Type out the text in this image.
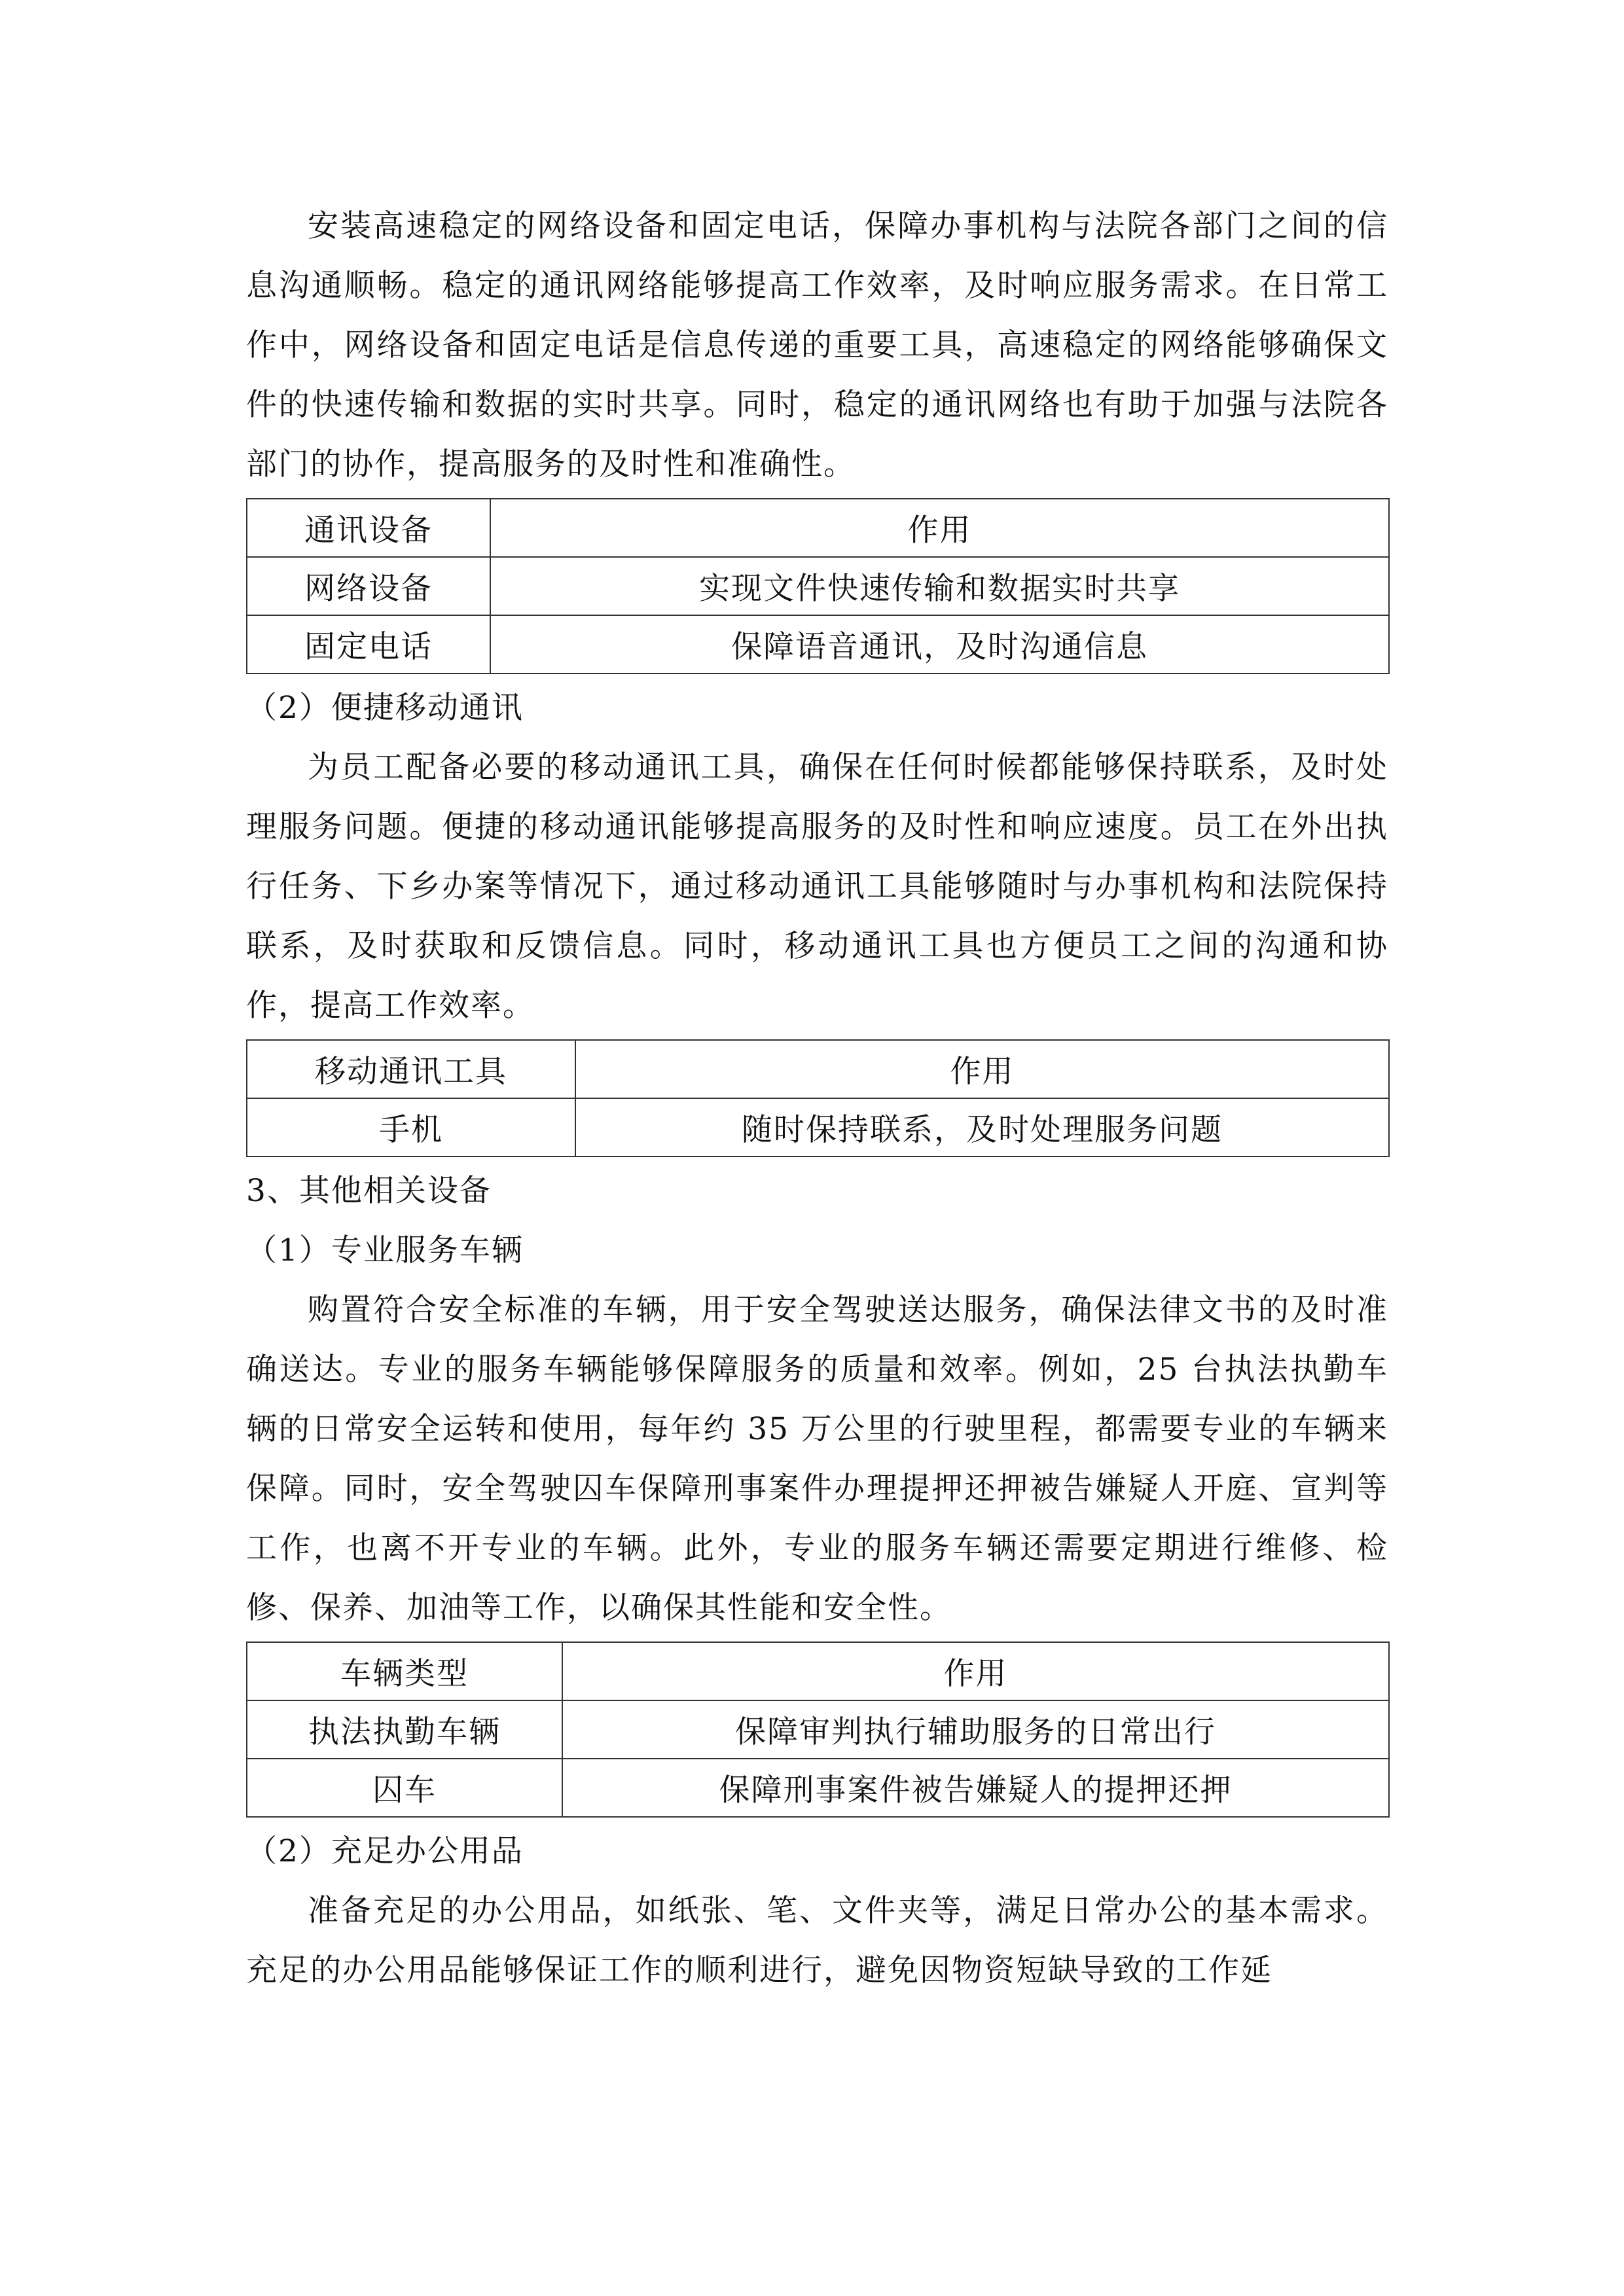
安装高速稳定的网络设备和固定电话，保障办事机构与法院各部门之间的信息沟通顺畅。稳定的通讯网络能够提高工作效率，及时响应服务需求。在日常工作中，网络设备和固定电话是信息传递的重要工具，高速稳定的网络能够确保文件的快速传输和数据的实时共享。同时，稳定的通讯网络也有助于加强与法院各部门的协作，提高服务的及时性和准确性。

通讯设备	作用
网络设备	实现文件快速传输和数据实时共享
固定电话	保障语音通讯，及时沟通信息

（2）便捷移动通讯

为员工配备必要的移动通讯工具，确保在任何时候都能够保持联系，及时处理服务问题。便捷的移动通讯能够提高服务的及时性和响应速度。员工在外出执行任务、下乡办案等情况下，通过移动通讯工具能够随时与办事机构和法院保持联系，及时获取和反馈信息。同时，移动通讯工具也方便员工之间的沟通和协作，提高工作效率。

移动通讯工具	作用
手机	随时保持联系，及时处理服务问题

3、其他相关设备

（1）专业服务车辆

购置符合安全标准的车辆，用于安全驾驶送达服务，确保法律文书的及时准确送达。专业的服务车辆能够保障服务的质量和效率。例如，25 台执法执勤车辆的日常安全运转和使用，每年约 35 万公里的行驶里程，都需要专业的车辆来保障。同时，安全驾驶囚车保障刑事案件办理提押还押被告嫌疑人开庭、宣判等工作，也离不开专业的车辆。此外，专业的服务车辆还需要定期进行维修、检修、保养、加油等工作，以确保其性能和安全性。

车辆类型	作用
执法执勤车辆	保障审判执行辅助服务的日常出行
囚车	保障刑事案件被告嫌疑人的提押还押

（2）充足办公用品

准备充足的办公用品，如纸张、笔、文件夹等，满足日常办公的基本需求。充足的办公用品能够保证工作的顺利进行，避免因物资短缺导致的工作延
